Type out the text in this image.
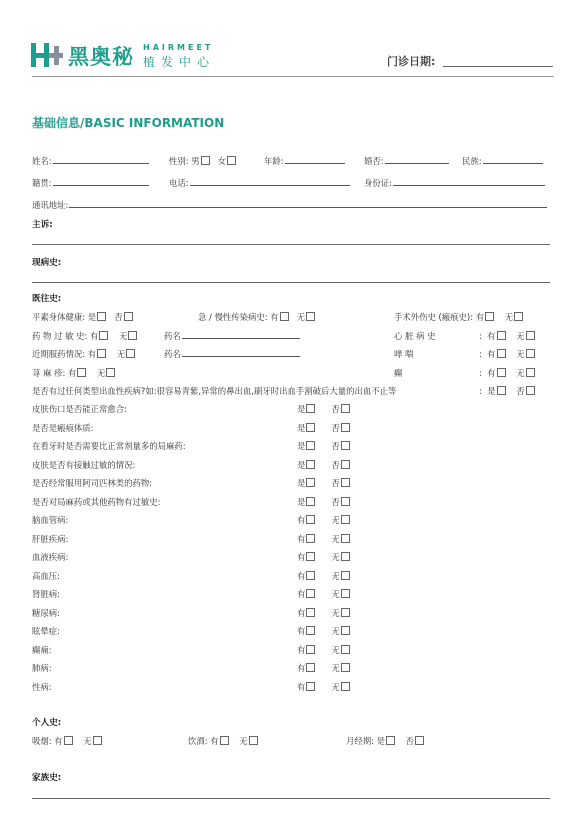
黑奥秘 HAIRMEET
植发中心	门诊日期:
基础信息/BASIC INFORMATION
姓名:	性别: 男 女	年龄:	婚否:	民族:
籍贯:	电话:	身份证:
通讯地址:
主诉:
现病史:
既往史:
平素身体健康: 是 否	急 / 慢性传染病史: 有 无	手术外伤史 (瘢痕史): 有 无
药 物 过 敏 史: 有 无	药名	心 脏 病 史	: 有 无
近期服药情况: 有 无	药名	哮 喘	: 有 无
荨 麻 疹: 有 无	癫	: 有 无
是否有过任何类型出血性疾病?如:很容易青紫,异常的鼻出血,刷牙时出血手割破后大量的出血不止等	: 是 否
皮肤伤口是否能正常愈合:	是	否
是否是瘢痕体质:	是	否
在看牙时是否需要比正常剂量多的局麻药:	是	否
皮肤是否有接触过敏的情况:	是	否
是否经常服用阿司匹林类的药物:	是	否
是否对局麻药或其他药物有过敏史:	是	否
脑血管病:	有	无
肝脏疾病:	有	无
血液疾病:	有	无
高血压:	有	无
肾脏病:	有	无
糖尿病:	有	无
眩晕症:	有	无
癫痫:	有	无
肺病:	有	无
性病:	有	无
个人史:
吸烟: 有 无	饮酒: 有 无	月经期: 是 否
家族史:
